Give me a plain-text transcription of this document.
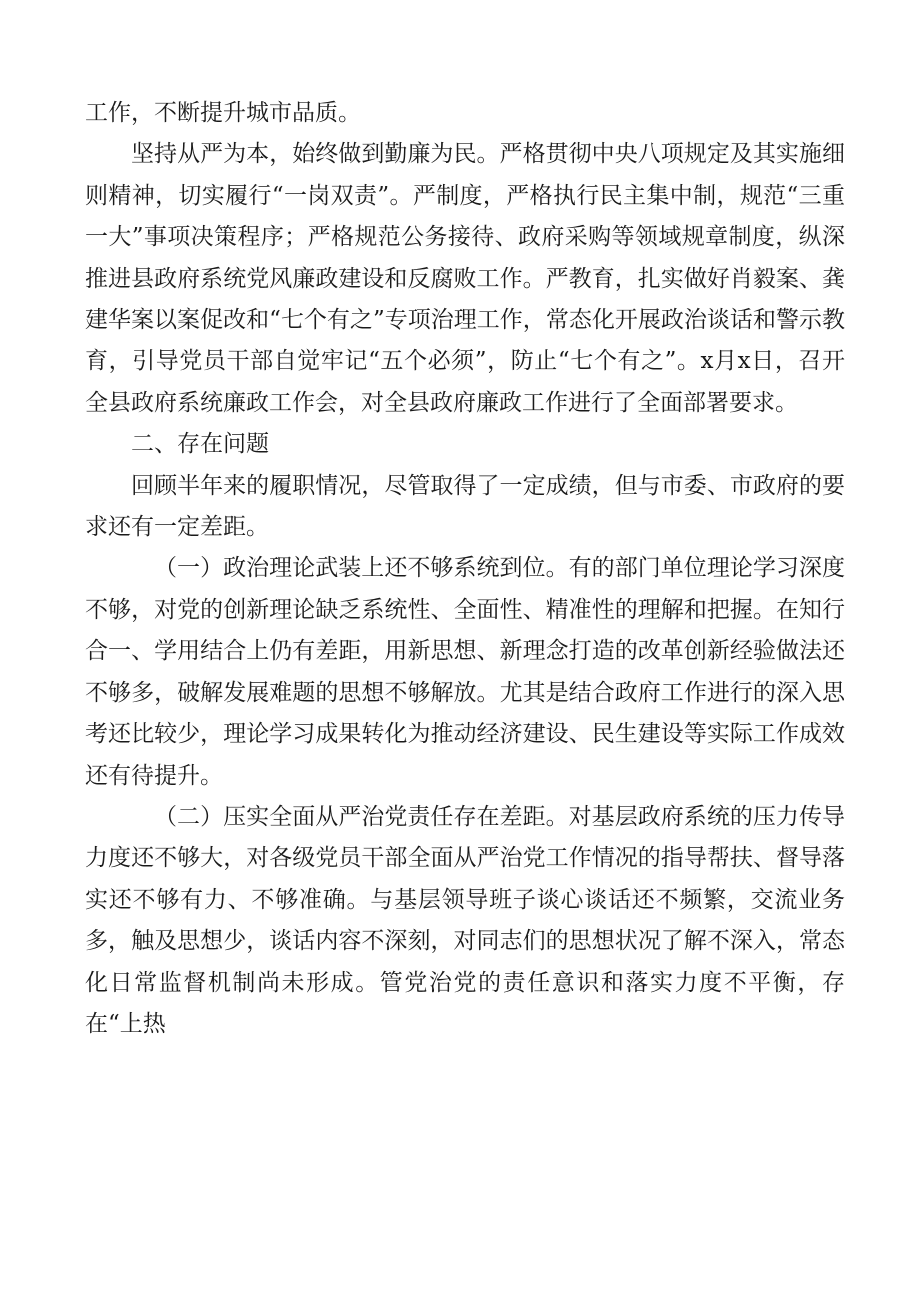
工作，不断提升城市品质。

坚持从严为本，始终做到勤廉为民。严格贯彻中央八项规定及其实施细则精神，切实履行“一岗双责”。严制度，严格执行民主集中制，规范“三重一大”事项决策程序；严格规范公务接待、政府采购等领域规章制度，纵深推进县政府系统党风廉政建设和反腐败工作。严教育，扎实做好肖毅案、龚建华案以案促改和“七个有之”专项治理工作，常态化开展政治谈话和警示教育，引导党员干部自觉牢记“五个必须”，防止“七个有之”。x月x日，召开全县政府系统廉政工作会，对全县政府廉政工作进行了全面部署要求。

二、存在问题

回顾半年来的履职情况，尽管取得了一定成绩，但与市委、市政府的要求还有一定差距。

（一）政治理论武装上还不够系统到位。有的部门单位理论学习深度不够，对党的创新理论缺乏系统性、全面性、精准性的理解和把握。在知行合一、学用结合上仍有差距，用新思想、新理念打造的改革创新经验做法还不够多，破解发展难题的思想不够解放。尤其是结合政府工作进行的深入思考还比较少，理论学习成果转化为推动经济建设、民生建设等实际工作成效还有待提升。

（二）压实全面从严治党责任存在差距。对基层政府系统的压力传导力度还不够大，对各级党员干部全面从严治党工作情况的指导帮扶、督导落实还不够有力、不够准确。与基层领导班子谈心谈话还不频繁，交流业务多，触及思想少，谈话内容不深刻，对同志们的思想状况了解不深入，常态化日常监督机制尚未形成。管党治党的责任意识和落实力度不平衡，存在“上热
